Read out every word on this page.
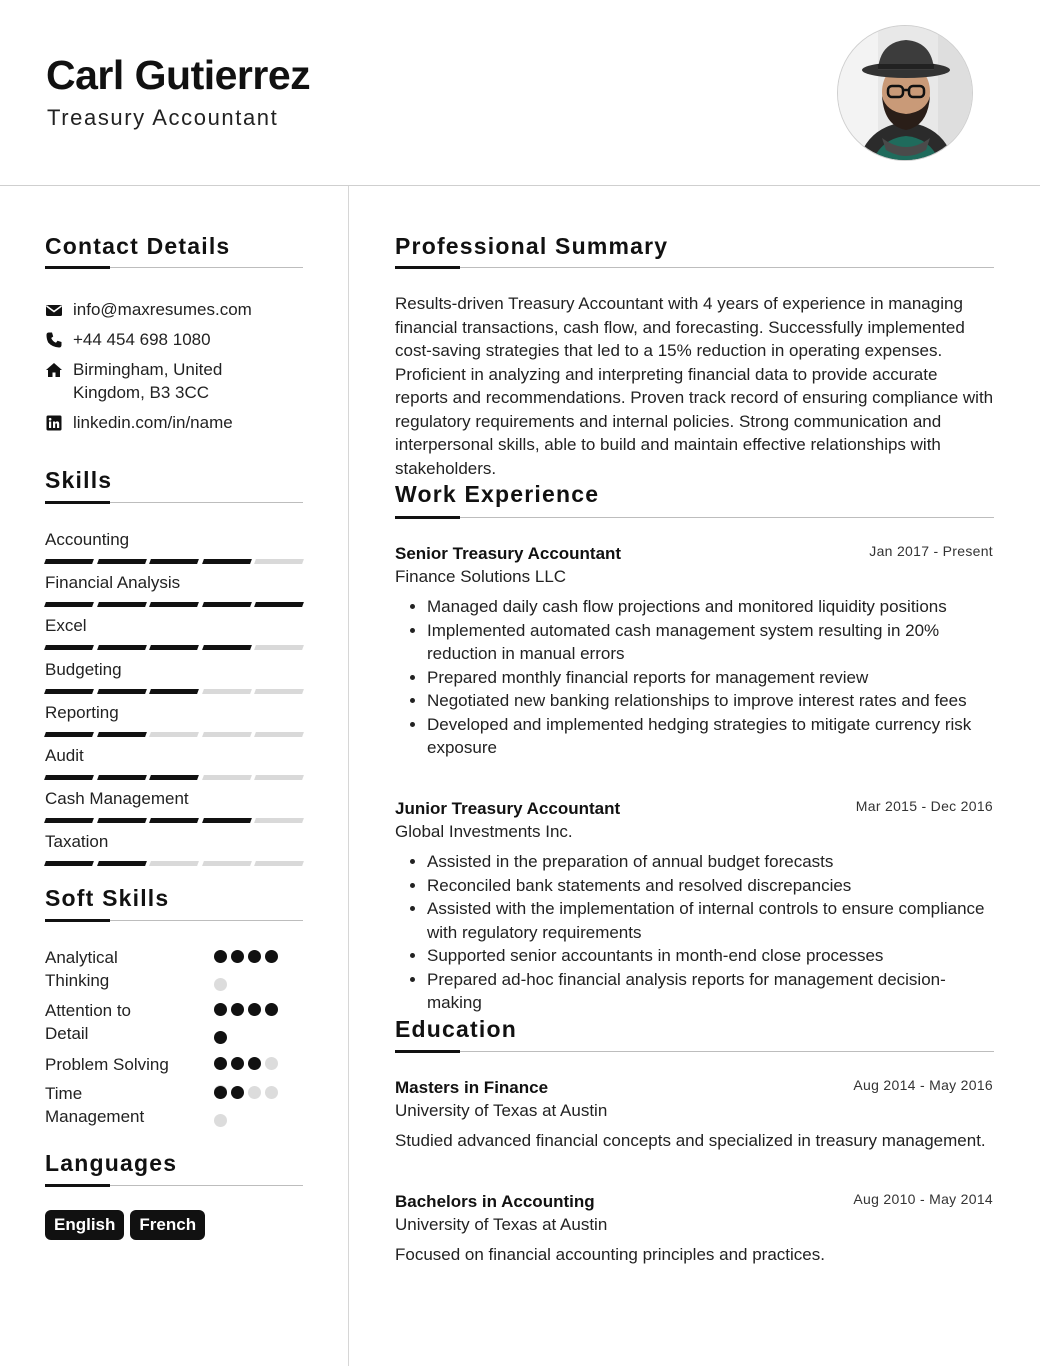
Carl Gutierrez
Treasury Accountant
Contact Details
info@maxresumes.com
+44 454 698 1080
Birmingham, United Kingdom, B3 3CC
linkedin.com/in/name
Skills
Accounting
Financial Analysis
Excel
Budgeting
Reporting
Audit
Cash Management
Taxation
Soft Skills
Analytical Thinking
Attention to Detail
Problem Solving
Time Management
Languages
English	French
Professional Summary
Results-driven Treasury Accountant with 4 years of experience in managing financial transactions, cash flow, and forecasting. Successfully implemented cost-saving strategies that led to a 15% reduction in operating expenses. Proficient in analyzing and interpreting financial data to provide accurate reports and recommendations. Proven track record of ensuring compliance with regulatory requirements and internal policies. Strong communication and interpersonal skills, able to build and maintain effective relationships with stakeholders.
Work Experience
Senior Treasury Accountant	Jan 2017 - Present
Finance Solutions LLC
• Managed daily cash flow projections and monitored liquidity positions
• Implemented automated cash management system resulting in 20% reduction in manual errors
• Prepared monthly financial reports for management review
• Negotiated new banking relationships to improve interest rates and fees
• Developed and implemented hedging strategies to mitigate currency risk exposure
Junior Treasury Accountant	Mar 2015 - Dec 2016
Global Investments Inc.
• Assisted in the preparation of annual budget forecasts
• Reconciled bank statements and resolved discrepancies
• Assisted with the implementation of internal controls to ensure compliance with regulatory requirements
• Supported senior accountants in month-end close processes
• Prepared ad-hoc financial analysis reports for management decision-making
Education
Masters in Finance	Aug 2014 - May 2016
University of Texas at Austin
Studied advanced financial concepts and specialized in treasury management.
Bachelors in Accounting	Aug 2010 - May 2014
University of Texas at Austin
Focused on financial accounting principles and practices.
